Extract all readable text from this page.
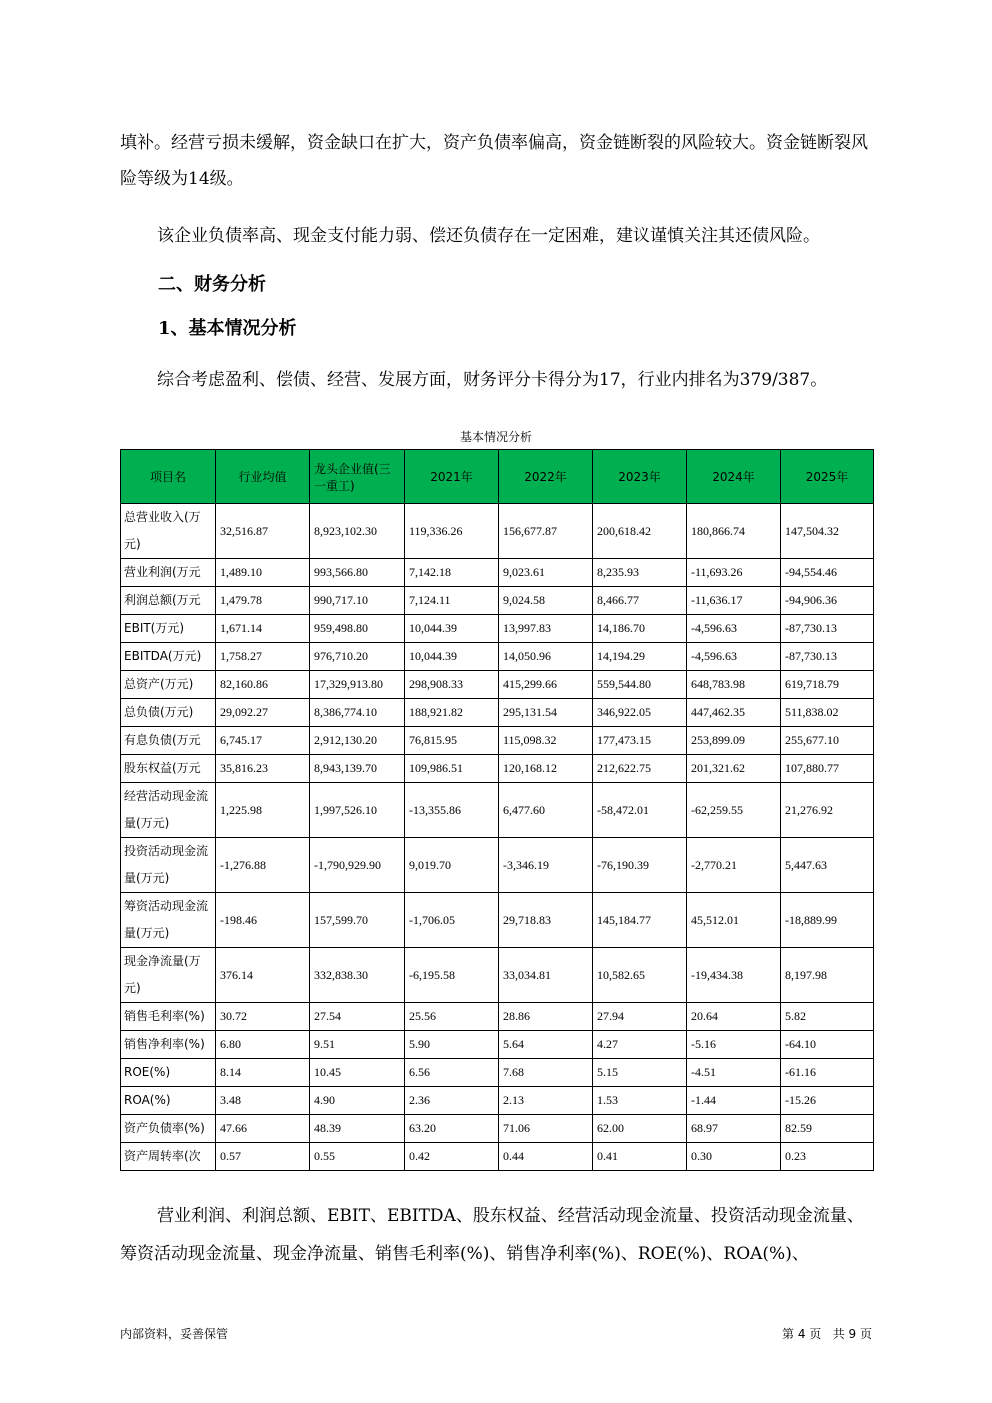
填补。经营亏损未缓解，资金缺口在扩大，资产负债率偏高，资金链断裂的风险较大。资金链断裂风险等级为14级。

该企业负债率高、现金支付能力弱、偿还负债存在一定困难，建议谨慎关注其还债风险。

二、财务分析
1、基本情况分析

综合考虑盈利、偿债、经营、发展方面，财务评分卡得分为17，行业内排名为379/387。

基本情况分析
项目名	行业均值	龙头企业值(三一重工)	2021年	2022年	2023年	2024年	2025年
总营业收入(万元)	32,516.87	8,923,102.30	119,336.26	156,677.87	200,618.42	180,866.74	147,504.32
营业利润(万元	1,489.10	993,566.80	7,142.18	9,023.61	8,235.93	-11,693.26	-94,554.46
利润总额(万元	1,479.78	990,717.10	7,124.11	9,024.58	8,466.77	-11,636.17	-94,906.36
EBIT(万元)	1,671.14	959,498.80	10,044.39	13,997.83	14,186.70	-4,596.63	-87,730.13
EBITDA(万元)	1,758.27	976,710.20	10,044.39	14,050.96	14,194.29	-4,596.63	-87,730.13
总资产(万元)	82,160.86	17,329,913.80	298,908.33	415,299.66	559,544.80	648,783.98	619,718.79
总负债(万元)	29,092.27	8,386,774.10	188,921.82	295,131.54	346,922.05	447,462.35	511,838.02
有息负债(万元	6,745.17	2,912,130.20	76,815.95	115,098.32	177,473.15	253,899.09	255,677.10
股东权益(万元	35,816.23	8,943,139.70	109,986.51	120,168.12	212,622.75	201,321.62	107,880.77
经营活动现金流量(万元)	1,225.98	1,997,526.10	-13,355.86	6,477.60	-58,472.01	-62,259.55	21,276.92
投资活动现金流量(万元)	-1,276.88	-1,790,929.90	9,019.70	-3,346.19	-76,190.39	-2,770.21	5,447.63
筹资活动现金流量(万元)	-198.46	157,599.70	-1,706.05	29,718.83	145,184.77	45,512.01	-18,889.99
现金净流量(万元)	376.14	332,838.30	-6,195.58	33,034.81	10,582.65	-19,434.38	8,197.98
销售毛利率(%)	30.72	27.54	25.56	28.86	27.94	20.64	5.82
销售净利率(%)	6.80	9.51	5.90	5.64	4.27	-5.16	-64.10
ROE(%)	8.14	10.45	6.56	7.68	5.15	-4.51	-61.16
ROA(%)	3.48	4.90	2.36	2.13	1.53	-1.44	-15.26
资产负债率(%)	47.66	48.39	63.20	71.06	62.00	68.97	82.59
资产周转率(次	0.57	0.55	0.42	0.44	0.41	0.30	0.23

营业利润、利润总额、EBIT、EBITDA、股东权益、经营活动现金流量、投资活动现金流量、筹资活动现金流量、现金净流量、销售毛利率(%)、销售净利率(%)、ROE(%)、ROA(%)、

内部资料，妥善保管	第 4 页   共 9 页
